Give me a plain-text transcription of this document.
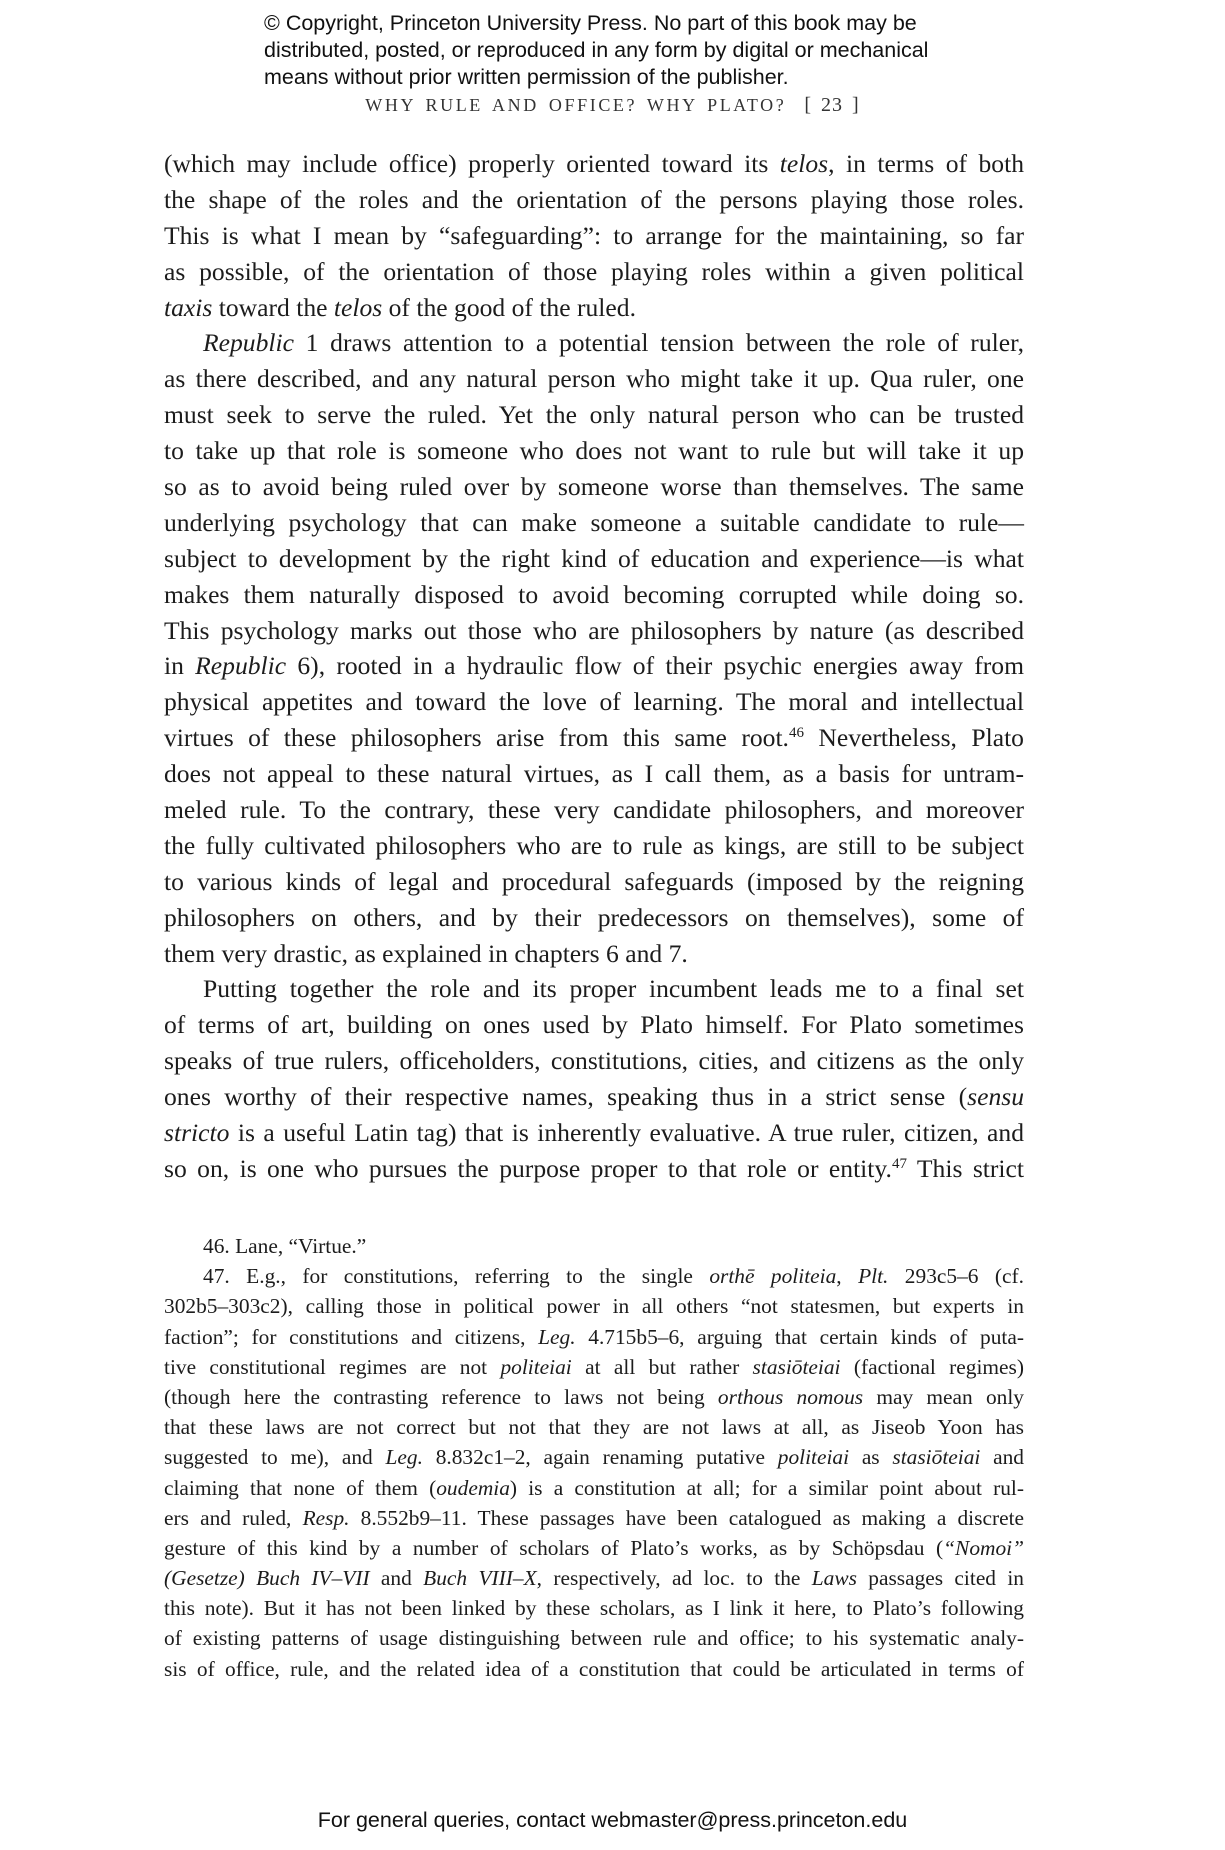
© Copyright, Princeton University Press. No part of this book may be
distributed, posted, or reproduced in any form by digital or mechanical
means without prior written permission of the publisher.
WHY RULE AND OFFICE? WHY PLATO? [ 23 ]
(which may include office) properly oriented toward its telos, in terms of both
the shape of the roles and the orientation of the persons playing those roles.
This is what I mean by “safeguarding”: to arrange for the maintaining, so far
as possible, of the orientation of those playing roles within a given political
taxis toward the telos of the good of the ruled.
Republic 1 draws attention to a potential tension between the role of ruler,
as there described, and any natural person who might take it up. Qua ruler, one
must seek to serve the ruled. Yet the only natural person who can be trusted
to take up that role is someone who does not want to rule but will take it up
so as to avoid being ruled over by someone worse than themselves. The same
underlying psychology that can make someone a suitable candidate to rule—
subject to development by the right kind of education and experience—is what
makes them naturally disposed to avoid becoming corrupted while doing so.
This psychology marks out those who are philosophers by nature (as described
in Republic 6), rooted in a hydraulic flow of their psychic energies away from
physical appetites and toward the love of learning. The moral and intellectual
virtues of these philosophers arise from this same root.$^{46}$ Nevertheless, Plato
does not appeal to these natural virtues, as I call them, as a basis for untram-
meled rule. To the contrary, these very candidate philosophers, and moreover
the fully cultivated philosophers who are to rule as kings, are still to be subject
to various kinds of legal and procedural safeguards (imposed by the reigning
philosophers on others, and by their predecessors on themselves), some of
them very drastic, as explained in chapters 6 and 7.
Putting together the role and its proper incumbent leads me to a final set
of terms of art, building on ones used by Plato himself. For Plato sometimes
speaks of true rulers, officeholders, constitutions, cities, and citizens as the only
ones worthy of their respective names, speaking thus in a strict sense (sensu
stricto is a useful Latin tag) that is inherently evaluative. A true ruler, citizen, and
so on, is one who pursues the purpose proper to that role or entity.$^{47}$ This strict
46. Lane, “Virtue.”
47. E.g., for constitutions, referring to the single orthē politeia, Plt. 293c5–6 (cf.
302b5–303c2), calling those in political power in all others “not statesmen, but experts in
faction”; for constitutions and citizens, Leg. 4.715b5–6, arguing that certain kinds of puta-
tive constitutional regimes are not politeiai at all but rather stasiōteiai (factional regimes)
(though here the contrasting reference to laws not being orthous nomous may mean only
that these laws are not correct but not that they are not laws at all, as Jiseob Yoon has
suggested to me), and Leg. 8.832c1–2, again renaming putative politeiai as stasiōteiai and
claiming that none of them (oudemia) is a constitution at all; for a similar point about rul-
ers and ruled, Resp. 8.552b9–11. These passages have been catalogued as making a discrete
gesture of this kind by a number of scholars of Plato’s works, as by Schöpsdau (“Nomoi”
(Gesetze) Buch IV–VII and Buch VIII–X, respectively, ad loc. to the Laws passages cited in
this note). But it has not been linked by these scholars, as I link it here, to Plato’s following
of existing patterns of usage distinguishing between rule and office; to his systematic analy-
sis of office, rule, and the related idea of a constitution that could be articulated in terms of
For general queries, contact webmaster@press.princeton.edu
